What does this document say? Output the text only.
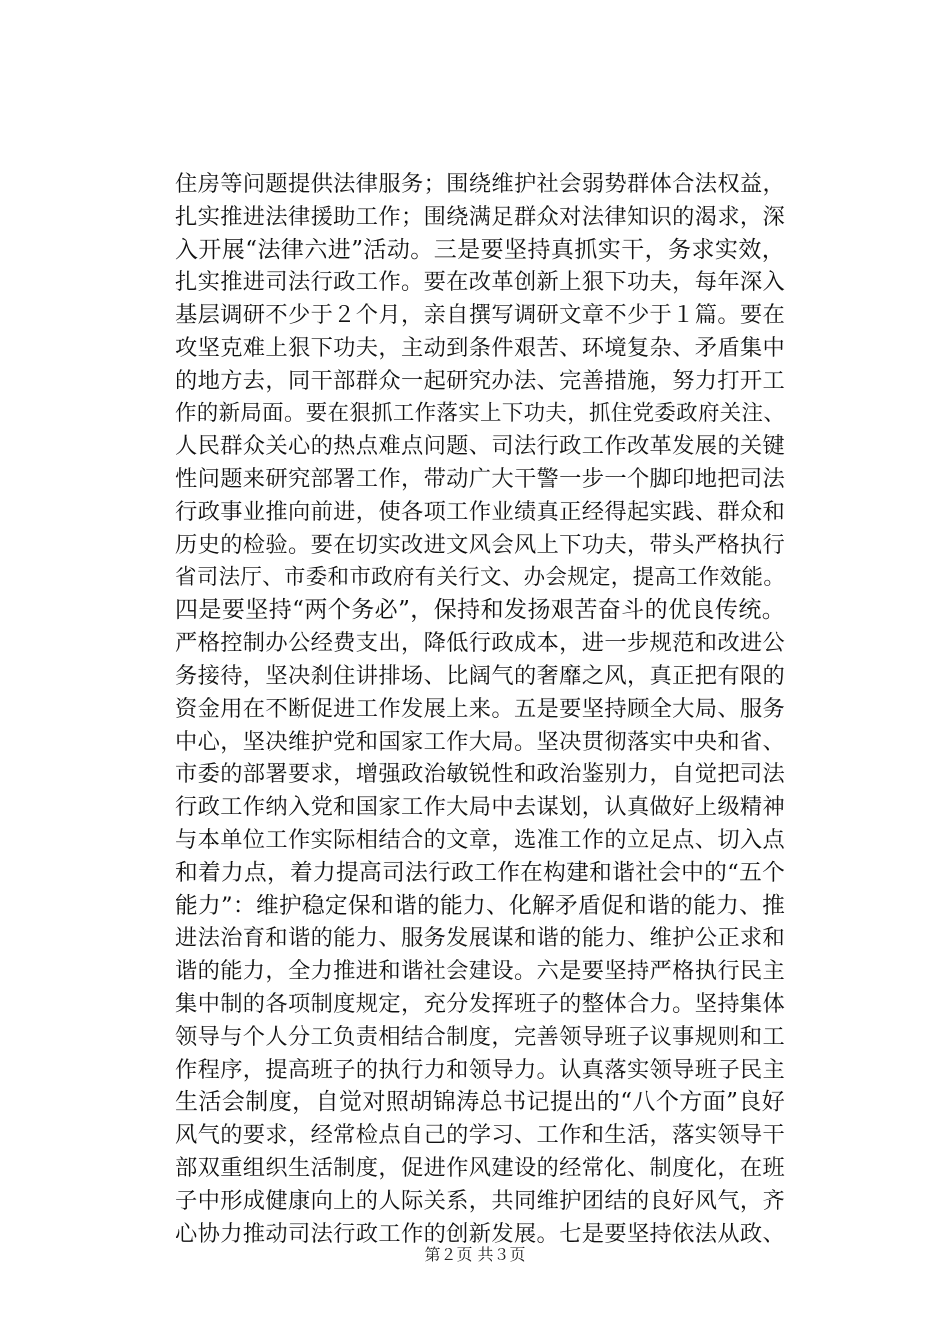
住房等问题提供法律服务；围绕维护社会弱势群体合法权益，
扎实推进法律援助工作；围绕满足群众对法律知识的渴求，深
入开展“法律六进”活动。三是要坚持真抓实干，务求实效，
扎实推进司法行政工作。要在改革创新上狠下功夫，每年深入
基层调研不少于２个月，亲自撰写调研文章不少于１篇。要在
攻坚克难上狠下功夫，主动到条件艰苦、环境复杂、矛盾集中
的地方去，同干部群众一起研究办法、完善措施，努力打开工
作的新局面。要在狠抓工作落实上下功夫，抓住党委政府关注、
人民群众关心的热点难点问题、司法行政工作改革发展的关键
性问题来研究部署工作，带动广大干警一步一个脚印地把司法
行政事业推向前进，使各项工作业绩真正经得起实践、群众和
历史的检验。要在切实改进文风会风上下功夫，带头严格执行
省司法厅、市委和市政府有关行文、办会规定，提高工作效能。
四是要坚持“两个务必”，保持和发扬艰苦奋斗的优良传统。
严格控制办公经费支出，降低行政成本，进一步规范和改进公
务接待，坚决刹住讲排场、比阔气的奢靡之风，真正把有限的
资金用在不断促进工作发展上来。五是要坚持顾全大局、服务
中心，坚决维护党和国家工作大局。坚决贯彻落实中央和省、
市委的部署要求，增强政治敏锐性和政治鉴别力，自觉把司法
行政工作纳入党和国家工作大局中去谋划，认真做好上级精神
与本单位工作实际相结合的文章，选准工作的立足点、切入点
和着力点，着力提高司法行政工作在构建和谐社会中的“五个
能力”：维护稳定保和谐的能力、化解矛盾促和谐的能力、推
进法治育和谐的能力、服务发展谋和谐的能力、维护公正求和
谐的能力，全力推进和谐社会建设。六是要坚持严格执行民主
集中制的各项制度规定，充分发挥班子的整体合力。坚持集体
领导与个人分工负责相结合制度，完善领导班子议事规则和工
作程序，提高班子的执行力和领导力。认真落实领导班子民主
生活会制度，自觉对照胡锦涛总书记提出的“八个方面”良好
风气的要求，经常检点自己的学习、工作和生活，落实领导干
部双重组织生活制度，促进作风建设的经常化、制度化，在班
子中形成健康向上的人际关系，共同维护团结的良好风气，齐
心协力推动司法行政工作的创新发展。七是要坚持依法从政、
第２页 共３页
